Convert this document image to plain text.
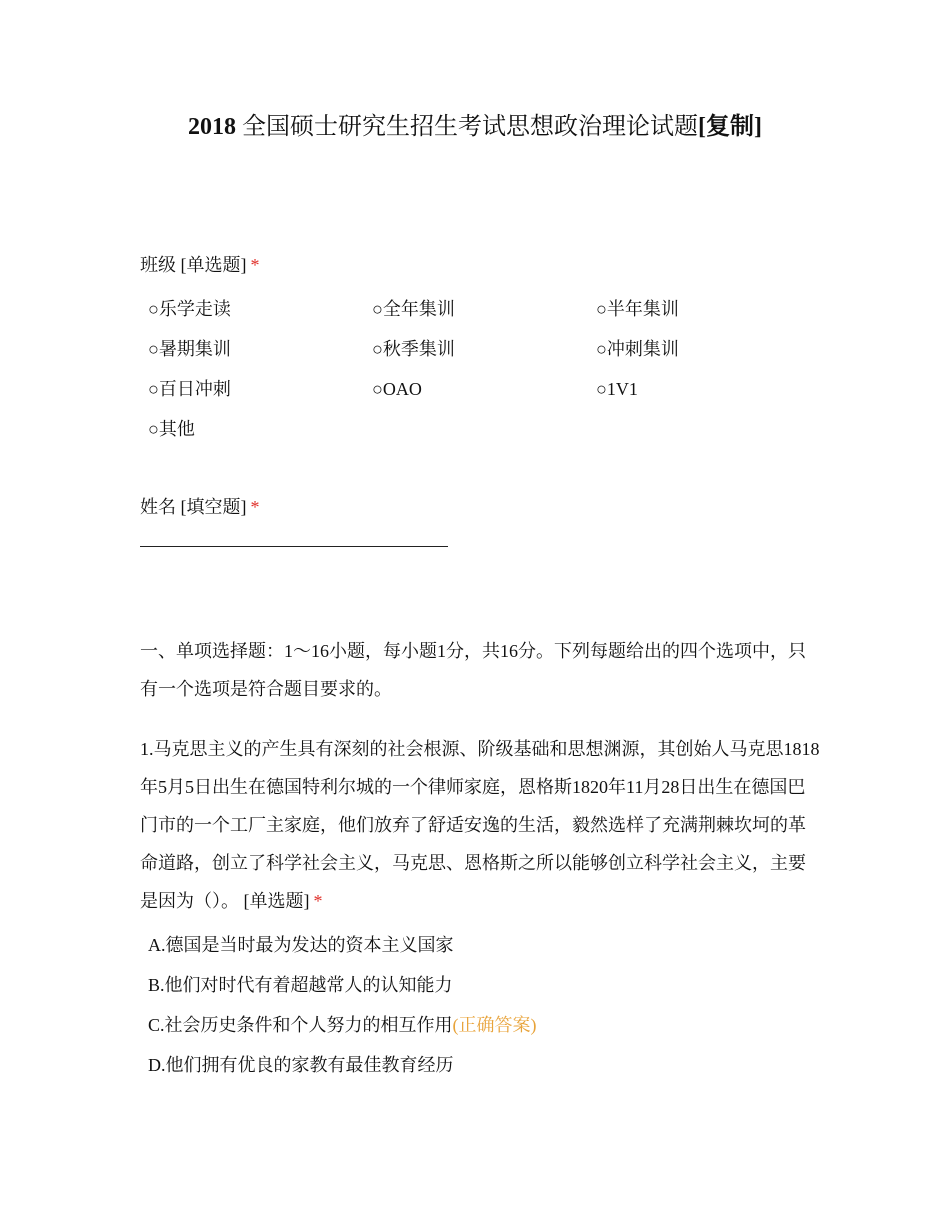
2018 全国硕士研究生招生考试思想政治理论试题[复制]
班级 [单选题] *
○乐学走读	○全年集训	○半年集训
○暑期集训	○秋季集训	○冲刺集训
○百日冲刺	○OAO	○1V1
○其他
姓名 [填空题] *
一、单项选择题：1～16小题，每小题1分，共16分。下列每题给出的四个选项中，只有一个选项是符合题目要求的。
1.马克思主义的产生具有深刻的社会根源、阶级基础和思想渊源，其创始人马克思1818年5月5日出生在德国特利尔城的一个律师家庭，恩格斯1820年11月28日出生在德国巴门市的一个工厂主家庭，他们放弃了舒适安逸的生活，毅然选样了充满荆棘坎坷的革命道路，创立了科学社会主义，马克思、恩格斯之所以能够创立科学社会主义，主要是因为（）。 [单选题] *
A.德国是当时最为发达的资本主义国家
B.他们对时代有着超越常人的认知能力
C.社会历史条件和个人努力的相互作用(正确答案)
D.他们拥有优良的家教有最佳教育经历
